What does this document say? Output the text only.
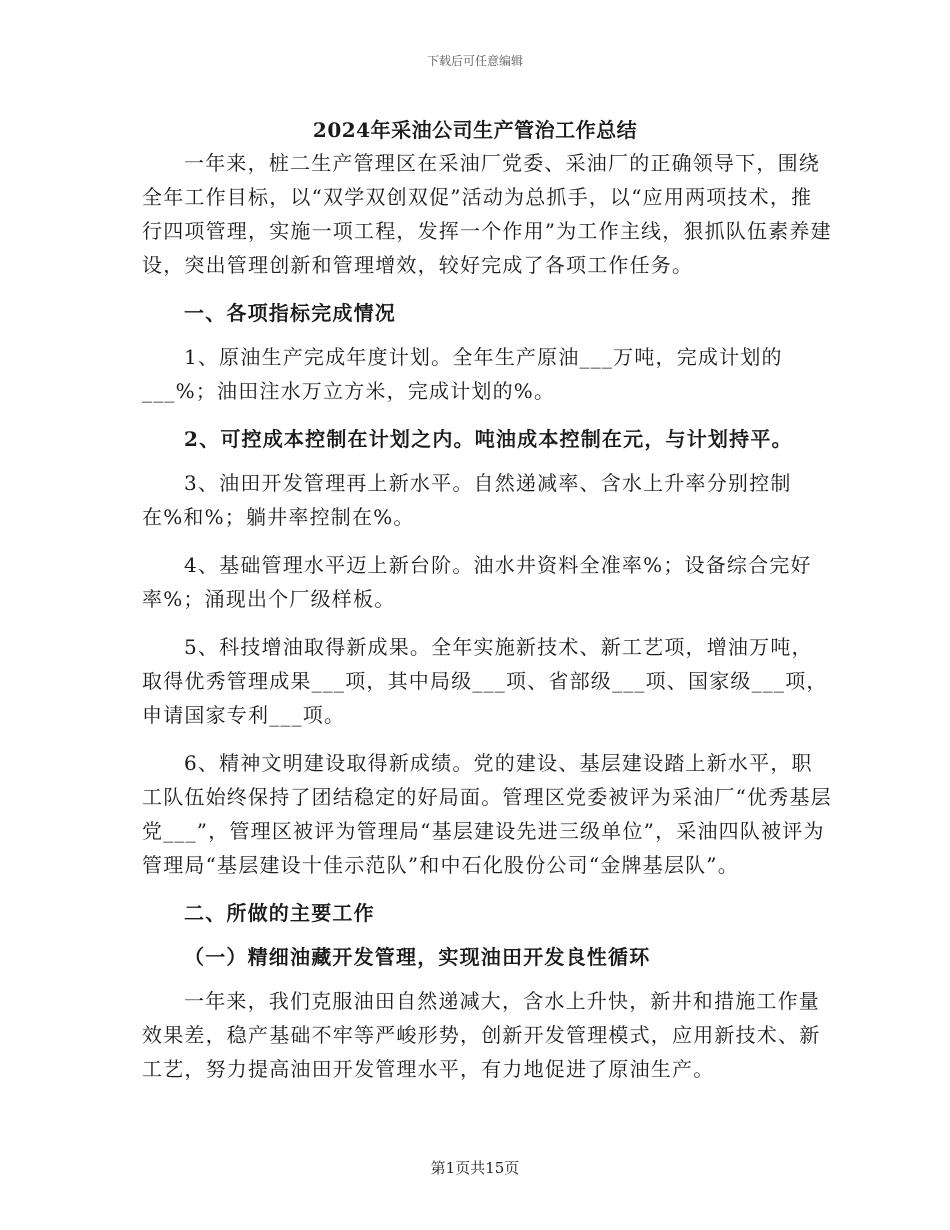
下载后可任意编辑
2024年采油公司生产管治工作总结

一年来，桩二生产管理区在采油厂党委、采油厂的正确领导下，围绕全年工作目标，以“双学双创双促”活动为总抓手，以“应用两项技术，推行四项管理，实施一项工程，发挥一个作用”为工作主线，狠抓队伍素养建设，突出管理创新和管理增效，较好完成了各项工作任务。

一、各项指标完成情况

1、原油生产完成年度计划。全年生产原油___万吨，完成计划的___%；油田注水万立方米，完成计划的%。

2、可控成本控制在计划之内。吨油成本控制在元，与计划持平。

3、油田开发管理再上新水平。自然递减率、含水上升率分别控制在%和%；躺井率控制在%。

4、基础管理水平迈上新台阶。油水井资料全准率%；设备综合完好率%；涌现出个厂级样板。

5、科技增油取得新成果。全年实施新技术、新工艺项，增油万吨，取得优秀管理成果___项，其中局级___项、省部级___项、国家级___项，申请国家专利___项。

6、精神文明建设取得新成绩。党的建设、基层建设踏上新水平，职工队伍始终保持了团结稳定的好局面。管理区党委被评为采油厂“优秀基层党___”，管理区被评为管理局“基层建设先进三级单位”，采油四队被评为管理局“基层建设十佳示范队”和中石化股份公司“金牌基层队”。

二、所做的主要工作

（一）精细油藏开发管理，实现油田开发良性循环

一年来，我们克服油田自然递减大，含水上升快，新井和措施工作量效果差，稳产基础不牢等严峻形势，创新开发管理模式，应用新技术、新工艺，努力提高油田开发管理水平，有力地促进了原油生产。

第1页共15页
